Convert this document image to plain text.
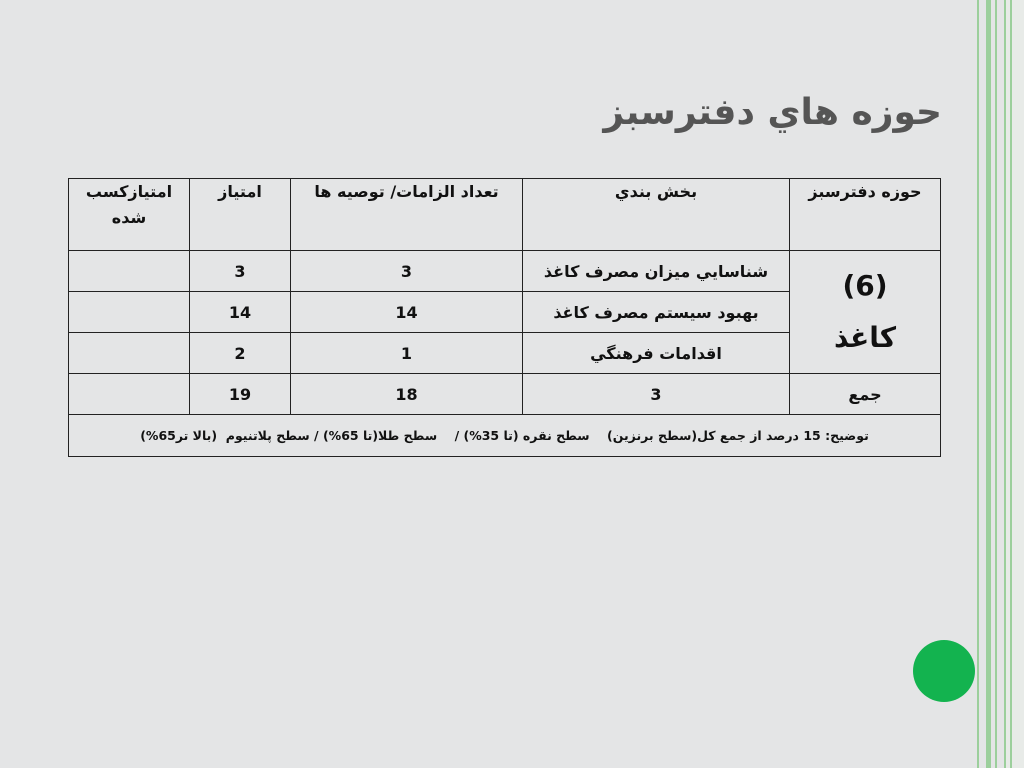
حوزه هاي دفترسبز
حوزه دفترسبز	بخش بندي	تعداد الزامات/ توصيه ها	امتياز	امتيازكسب شده

(6)
كاغذ	شناسايي ميزان مصرف كاغذ	3	3	
	بهبود سيستم مصرف كاغذ	14	14	
	اقدامات فرهنگي	1	2	
جمع	3	18	19	
توضيح: 15 درصد از جمع كل(سطح برنزين)    سطح نقره (تا 35%) /    سطح طلا(تا 65%) / سطح پلاتنيوم  (بالا تر65%)				
